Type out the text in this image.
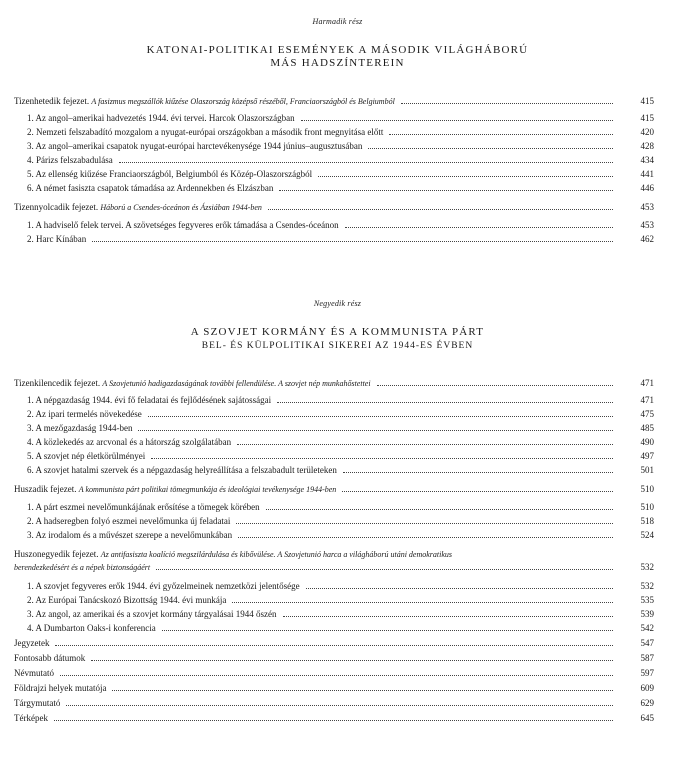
Harmadik rész
KATONAI-POLITIKAI ESEMÉNYEK A MÁSODIK VILÁGHÁBORÚ
MÁS HADSZÍNTEREIN
Tizenhetedik fejezet. A fasizmus megszállók kiűzése Olaszország középső részéből, Franciaországból és Belgiumból	415
1. Az angol–amerikai hadvezetés 1944. évi tervei. Harcok Olaszországban	415
2. Nemzeti felszabadító mozgalom a nyugat-európai országokban a második front megnyitása előtt	420
3. Az angol–amerikai csapatok nyugat-európai harctevékenysége 1944 június–augusztusában	428
4. Párizs felszabadulása	434
5. Az ellenség kiűzése Franciaországból, Belgiumból és Közép-Olaszországból	441
6. A német fasiszta csapatok támadása az Ardennekben és Elzászban	446
Tizennyolcadik fejezet. Háború a Csendes-óceánon és Ázsiában 1944-ben	453
1. A hadviselő felek tervei. A szövetséges fegyveres erők támadása a Csendes-óceánon	453
2. Harc Kínában	462
Negyedik rész
A SZOVJET KORMÁNY ÉS A KOMMUNISTA PÁRT
BEL- ÉS KÜLPOLITIKAI SIKEREI AZ 1944-ES ÉVBEN
Tizenkilencedik fejezet. A Szovjetunió hadigazdaságának további fellendülése. A szovjet nép munkahőstettei	471
1. A népgazdaság 1944. évi fő feladatai és fejlődésének sajátosságai	471
2. Az ipari termelés növekedése	475
3. A mezőgazdaság 1944-ben	485
4. A közlekedés az arcvonal és a hátország szolgálatában	490
5. A szovjet nép életkörülményei	497
6. A szovjet hatalmi szervek és a népgazdaság helyreállítása a felszabadult területeken	501
Huszadik fejezet. A kommunista párt politikai tömegmunkája és ideológiai tevékenysége 1944-ben	510
1. A párt eszmei nevelőmunkájának erősítése a tömegek körében	510
2. A hadseregben folyó eszmei nevelőmunka új feladatai	518
3. Az irodalom és a művészet szerepe a nevelőmunkában	524
Huszonegyedik fejezet. Az antifasiszta koalíció megszilárdulása és kibővülése. A Szovjetunió harca a világháború utáni demokratikus
berendezkedésért és a népek biztonságáért	532
1. A szovjet fegyveres erők 1944. évi győzelmeinek nemzetközi jelentősége	532
2. Az Európai Tanácskozó Bizottság 1944. évi munkája	535
3. Az angol, az amerikai és a szovjet kormány tárgyalásai 1944 őszén	539
4. A Dumbarton Oaks-i konferencia	542
Jegyzetek	547
Fontosabb dátumok	587
Névmutató	597
Földrajzi helyek mutatója	609
Tárgymutató	629
Térképek	645
